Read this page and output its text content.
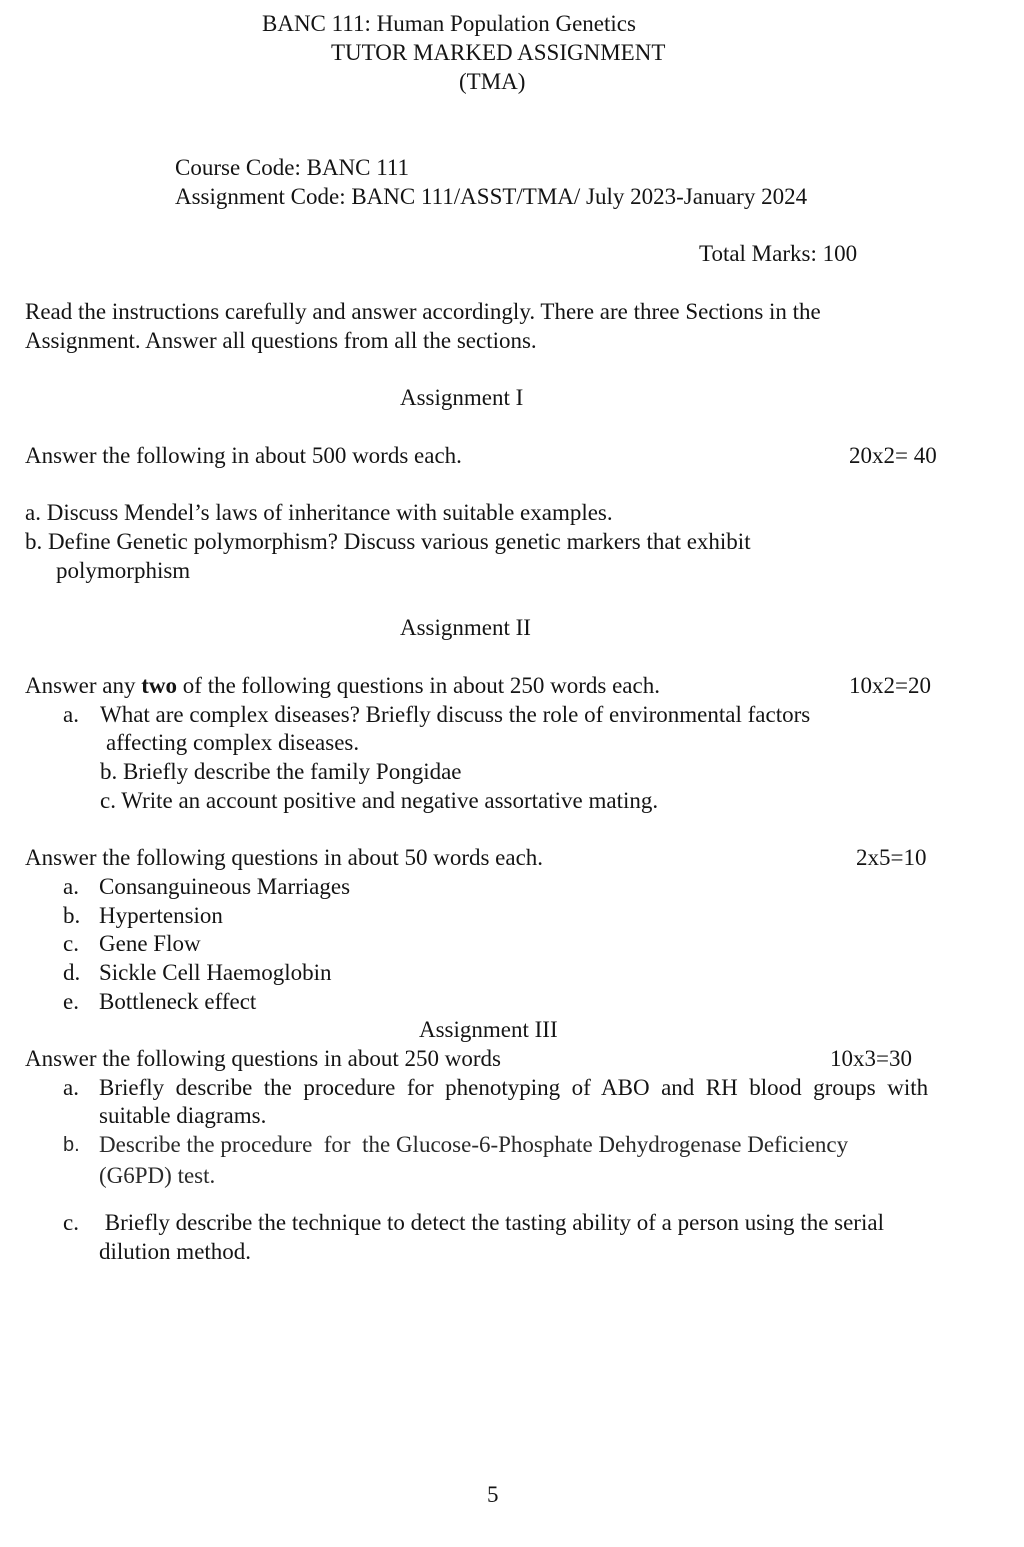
BANC 111: Human Population Genetics

TUTOR MARKED ASSIGNMENT

(TMA)

Course Code: BANC 111

Assignment Code: BANC 111/ASST/TMA/ July 2023-January 2024

Total Marks: 100

Read the instructions carefully and answer accordingly. There are three Sections in the

Assignment. Answer all questions from all the sections.

Assignment I

Answer the following in about 500 words each.	20x2= 40

a. Discuss Mendel’s laws of inheritance with suitable examples.

b. Define Genetic polymorphism? Discuss various genetic markers that exhibit

polymorphism

Assignment II

Answer any two of the following questions in about 250 words each.	10x2=20

a. What are complex diseases? Briefly discuss the role of environmental factors

affecting complex diseases.

b. Briefly describe the family Pongidae

c. Write an account positive and negative assortative mating.

Answer the following questions in about 50 words each.	2x5=10

a. Consanguineous Marriages

b. Hypertension

c. Gene Flow

d. Sickle Cell Haemoglobin

e. Bottleneck effect

Assignment III

Answer the following questions in about 250 words	10x3=30

a. Briefly  describe  the  procedure  for  phenotyping  of  ABO  and  RH  blood  groups  with

suitable diagrams.

b. Describe the procedure  for  the Glucose-6-Phosphate Dehydrogenase Deficiency

(G6PD) test.

c. Briefly describe the technique to detect the tasting ability of a person using the serial

dilution method.

5
